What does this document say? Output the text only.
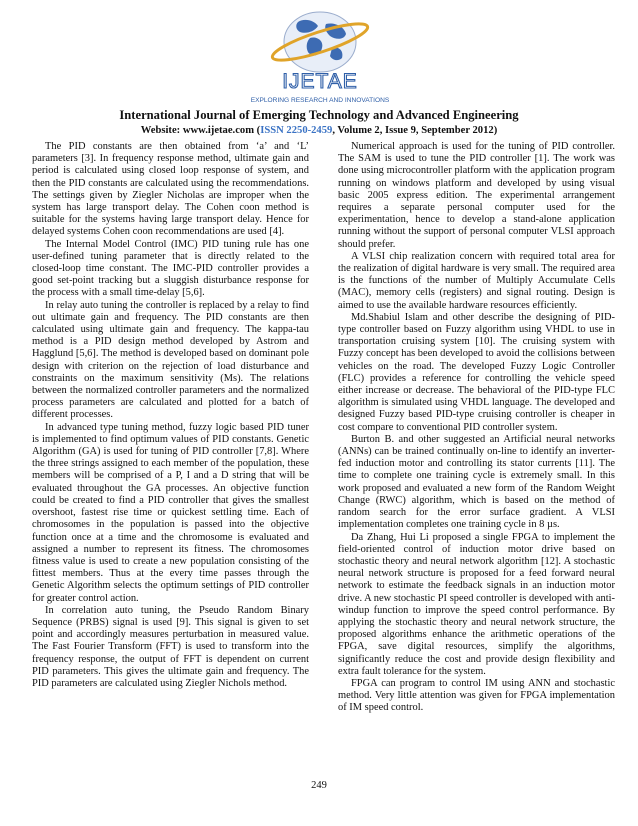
IJETAE
EXPLORING RESEARCH AND INNOVATIONS
International Journal of Emerging Technology and Advanced Engineering
Website: www.ijetae.com (ISSN 2250-2459, Volume 2, Issue 9, September 2012)

The PID constants are then obtained from ‘a’ and ‘L’ parameters [3]. In frequency response method, ultimate gain and period is calculated using closed loop response of system, and then the PID constants are calculated using the recommendations. The settings given by Ziegler Nicholas are improper when the system has large transport delay. The Cohen coon method is suitable for the systems having large transport delay. Hence for delayed systems Cohen coon recommendations are used [4].

The Internal Model Control (IMC) PID tuning rule has one user-defined tuning parameter that is directly related to the closed-loop time constant. The IMC-PID controller provides a good set-point tracking but a sluggish disturbance response for the process with a small time-delay [5,6].

In relay auto tuning the controller is replaced by a relay to find out ultimate gain and frequency. The PID constants are then calculated using ultimate gain and frequency. The kappa-tau method is a PID design method developed by Astrom and Hagglund [5,6]. The method is developed based on dominant pole design with criterion on the rejection of load disturbance and constraints on the maximum sensitivity (Ms). The relations between the normalized controller parameters and the normalized process parameters are calculated and plotted for a batch of different processes.

In advanced type tuning method, fuzzy logic based PID tuner is implemented to find optimum values of PID constants. Genetic Algorithm (GA) is used for tuning of PID controller [7,8]. Where the three strings assigned to each member of the population, these members will be comprised of a P, I and a D string that will be evaluated throughout the GA processes. An objective function could be created to find a PID controller that gives the smallest overshoot, fastest rise time or quickest settling time. Each of chromosomes in the population is passed into the objective function once at a time and the chromosome is evaluated and assigned a number to represent its fitness. The chromosomes fitness value is used to create a new population consisting of the fittest members. Thus at the every time passes through the Genetic Algorithm selects the optimum settings of PID controller for greater control action.

In correlation auto tuning, the Pseudo Random Binary Sequence (PRBS) signal is used [9]. This signal is given to set point and accordingly measures perturbation in measured value. The Fast Fourier Transform (FFT) is used to transform into the frequency response, the output of FFT is dependent on current PID parameters. This gives the ultimate gain and frequency. The PID parameters are calculated using Ziegler Nichols method.

Numerical approach is used for the tuning of PID controller. The SAM is used to tune the PID controller [1]. The work was done using microcontroller platform with the application program running on windows platform and developed by using visual basic 2005 express edition. The experimental arrangement requires a separate personal computer used for the experimentation, hence to develop a stand-alone application running without the support of personal computer VLSI approach should prefer.

A VLSI chip realization concern with required total area for the realization of digital hardware is very small. The required area is the functions of the number of Multiply Accumulate Cells (MAC), memory cells (registers) and signal routing. Design is aimed to use the available hardware resources efficiently.

Md.Shabiul Islam and other describe the designing of PID-type controller based on Fuzzy algorithm using VHDL to use in transportation cruising system [10]. The cruising system with Fuzzy concept has been developed to avoid the collisions between vehicles on the road. The developed Fuzzy Logic Controller (FLC) provides a reference for controlling the vehicle speed either increase or decrease. The behavioral of the PID-type FLC algorithm is simulated using VHDL language. The developed and designed Fuzzy based PID-type cruising controller is cheaper in cost compare to conventional PID controller system.

Burton B. and other suggested an Artificial neural networks (ANNs) can be trained continually on-line to identify an inverter-fed induction motor and controlling its stator currents [11]. The time to complete one training cycle is extremely small. In this work proposed and evaluated a new form of the Random Weight Change (RWC) algorithm, which is based on the method of random search for the error surface gradient. A VLSI implementation completes one training cycle in 8 µs.

Da Zhang, Hui Li proposed a single FPGA to implement the field-oriented control of induction motor drive based on stochastic theory and neural network algorithm [12]. A stochastic neural network structure is proposed for a feed forward neural network to estimate the feedback signals in an induction motor drive. A new stochastic PI speed controller is developed with anti-windup function to improve the speed control performance. By applying the stochastic theory and neural network structure, the proposed algorithms enhance the arithmetic operations of the FPGA, save digital resources, simplify the algorithms, significantly reduce the cost and provide design flexibility and extra fault tolerance for the system.

FPGA can program to control IM using ANN and stochastic method. Very little attention was given for FPGA implementation of IM speed control.

249
